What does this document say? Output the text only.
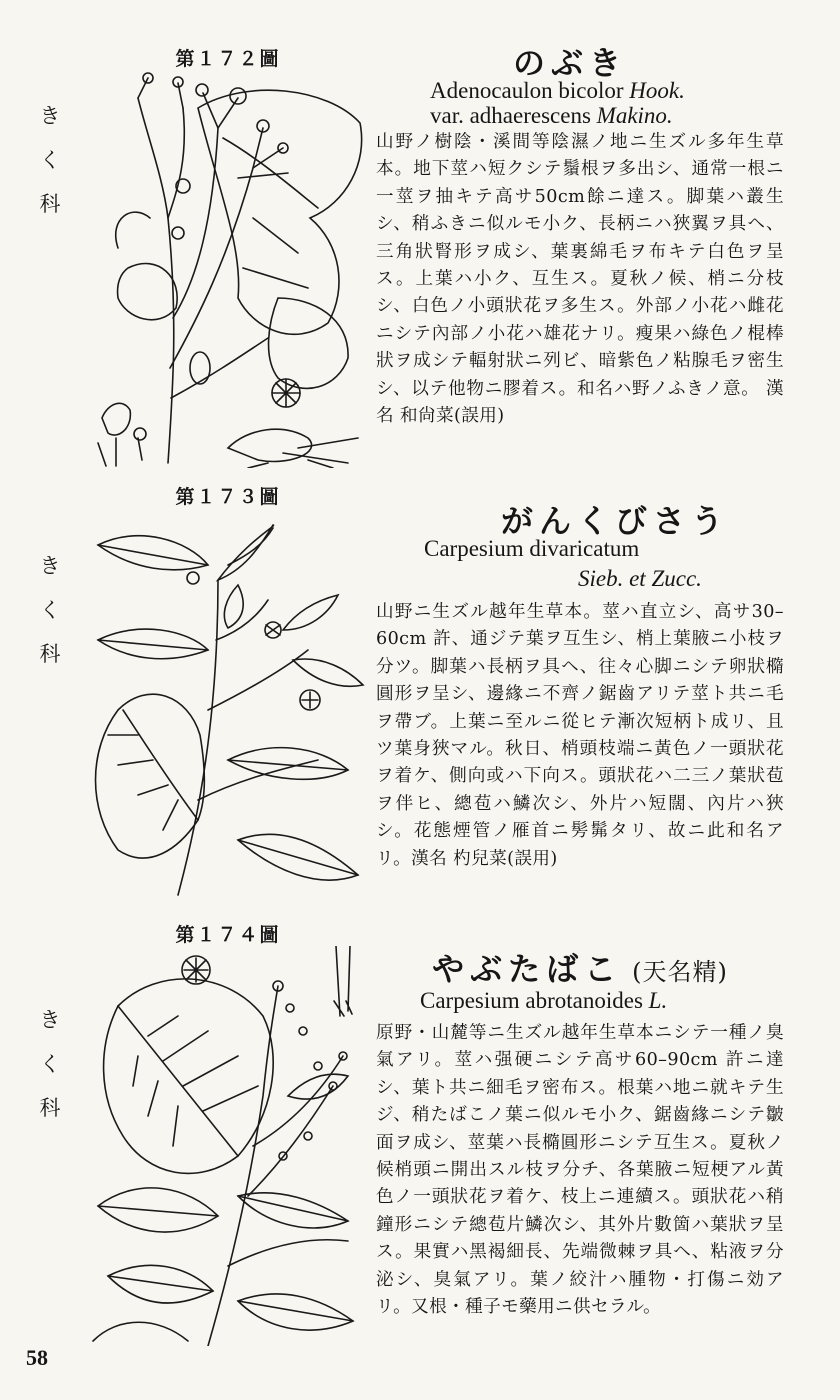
第１７２圖
き
く
科
のぶき
Adenocaulon bicolor Hook.
var. adhaerescens Makino.

山野ノ樹陰・溪間等陰濕ノ地ニ生ズル多年生草本。地下莖ハ短クシテ鬚根ヲ多出シ、通常一根ニ一莖ヲ抽キテ高サ50cm餘ニ達ス。脚葉ハ叢生シ、稍ふきニ似ルモ小ク、長柄ニハ狹翼ヲ具ヘ、三角狀腎形ヲ成シ、葉裏綿毛ヲ布キテ白色ヲ呈ス。上葉ハ小ク、互生ス。夏秋ノ候、梢ニ分枝シ、白色ノ小頭狀花ヲ多生ス。外部ノ小花ハ雌花ニシテ內部ノ小花ハ雄花ナリ。瘦果ハ綠色ノ棍棒狀ヲ成シテ輻射狀ニ列ビ、暗紫色ノ粘腺毛ヲ密生シ、以テ他物ニ膠着ス。和名ハ野ノふきノ意。 漢名 和尙菜(誤用)

第１７３圖
き
く
科
がんくびさう
Carpesium divaricatum
Sieb. et Zucc.

山野ニ生ズル越年生草本。莖ハ直立シ、高サ30–60cm 許、通ジテ葉ヲ互生シ、梢上葉腋ニ小枝ヲ分ツ。脚葉ハ長柄ヲ具ヘ、往々心脚ニシテ卵狀橢圓形ヲ呈シ、邊緣ニ不齊ノ鋸齒アリテ莖ト共ニ毛ヲ帶ブ。上葉ニ至ルニ從ヒテ漸次短柄ト成リ、且ツ葉身狹マル。秋日、梢頭枝端ニ黃色ノ一頭狀花ヲ着ケ、側向或ハ下向ス。頭狀花ハ二三ノ葉狀苞ヲ伴ヒ、總苞ハ鱗次シ、外片ハ短闊、內片ハ狹シ。花態煙管ノ雁首ニ髣髴タリ、故ニ此和名アリ。漢名 杓兒菜(誤用)

第１７４圖
き
く
科
やぶたばこ (天名精)
Carpesium abrotanoides L.

原野・山麓等ニ生ズル越年生草本ニシテ一種ノ臭氣アリ。莖ハ强硬ニシテ高サ60–90cm 許ニ達シ、葉ト共ニ細毛ヲ密布ス。根葉ハ地ニ就キテ生ジ、稍たばこノ葉ニ似ルモ小ク、鋸齒緣ニシテ皺面ヲ成シ、莖葉ハ長橢圓形ニシテ互生ス。夏秋ノ候梢頭ニ開出スル枝ヲ分チ、各葉腋ニ短梗アル黃色ノ一頭狀花ヲ着ケ、枝上ニ連續ス。頭狀花ハ稍鐘形ニシテ總苞片鱗次シ、其外片數箇ハ葉狀ヲ呈ス。果實ハ黑褐細長、先端微棘ヲ具ヘ、粘液ヲ分泌シ、臭氣アリ。葉ノ絞汁ハ腫物・打傷ニ効アリ。又根・種子モ藥用ニ供セラル。

58
